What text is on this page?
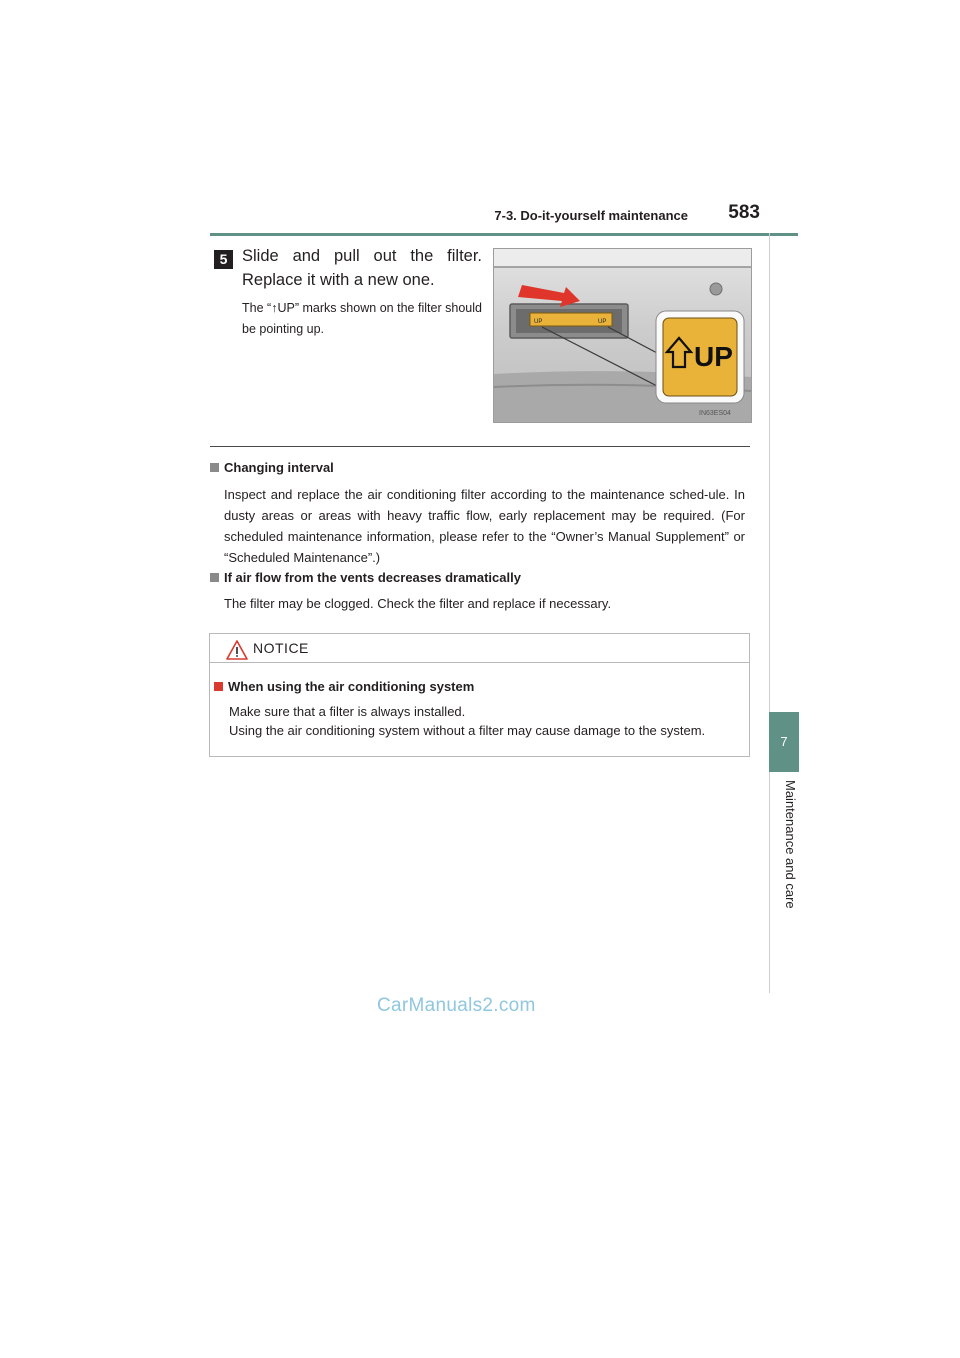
7-3. Do-it-yourself maintenance	583
7
Maintenance and care
5 Slide and pull out the filter. Replace it with a new one.
The “↑UP” marks shown on the filter should be pointing up.	UP	UP
UP
IN63ES04
Changing interval
Inspect and replace the air conditioning filter according to the maintenance sched-ule. In dusty areas or areas with heavy traffic flow, early replacement may be required. (For scheduled maintenance information, please refer to the “Owner’s Manual Supplement” or “Scheduled Maintenance”.)
If air flow from the vents decreases dramatically
The filter may be clogged. Check the filter and replace if necessary.
NOTICE
When using the air conditioning system
Make sure that a filter is always installed.
Using the air conditioning system without a filter may cause damage to the system.
CarManuals2.com
